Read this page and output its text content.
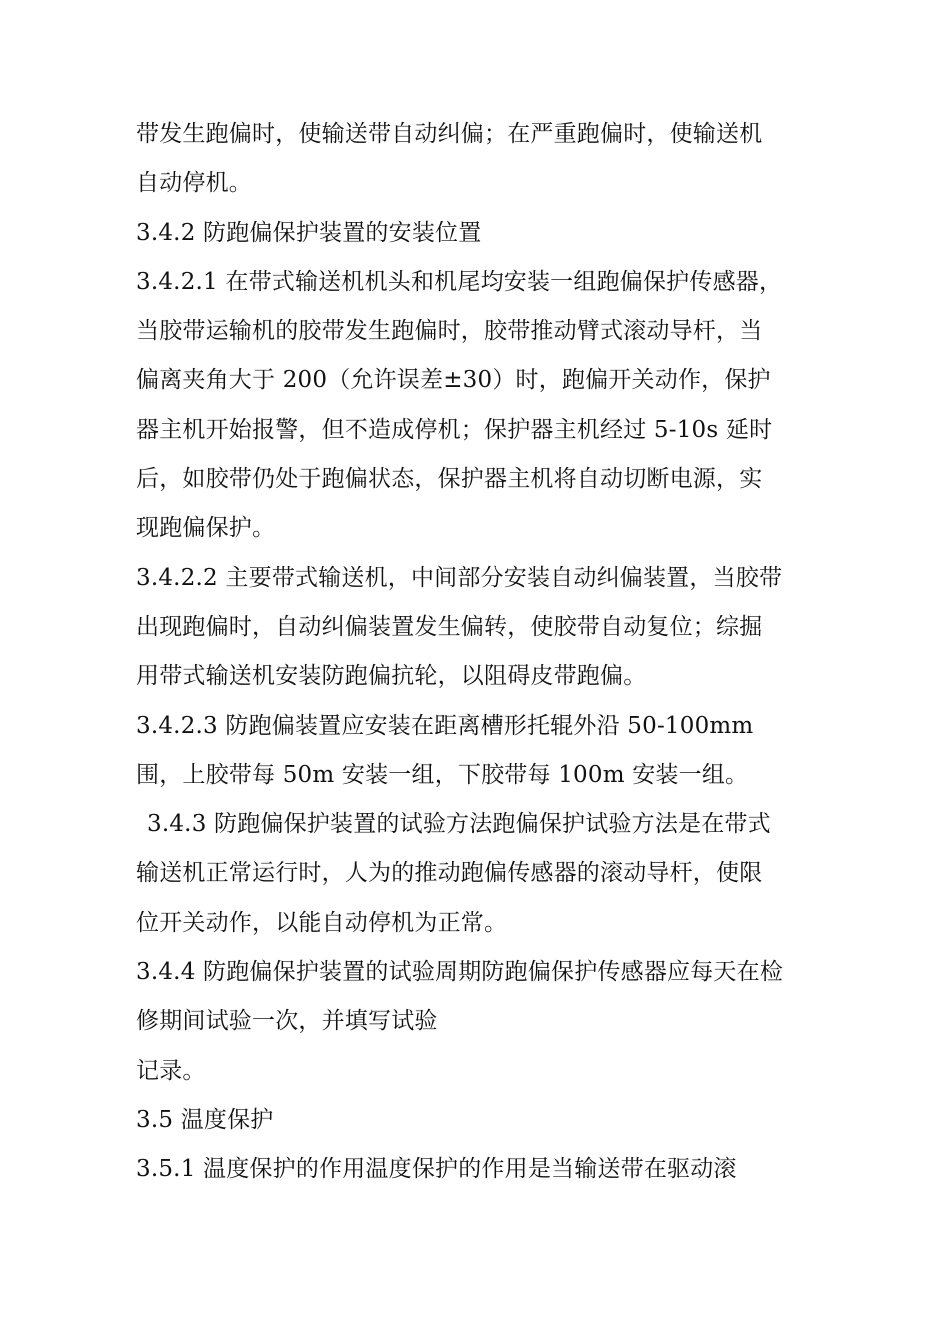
带发生跑偏时，使输送带自动纠偏；在严重跑偏时，使输送机
自动停机。
3.4.2 防跑偏保护装置的安装位置
3.4.2.1 在带式输送机机头和机尾均安装一组跑偏保护传感器，
当胶带运输机的胶带发生跑偏时，胶带推动臂式滚动导杆，当
偏离夹角大于 200（允许误差±30）时，跑偏开关动作，保护
器主机开始报警，但不造成停机；保护器主机经过 5-10s 延时
后，如胶带仍处于跑偏状态，保护器主机将自动切断电源，实
现跑偏保护。
3.4.2.2 主要带式输送机，中间部分安装自动纠偏装置，当胶带
出现跑偏时，自动纠偏装置发生偏转，使胶带自动复位；综掘
用带式输送机安装防跑偏抗轮，以阻碍皮带跑偏。
3.4.2.3 防跑偏装置应安装在距离槽形托辊外沿 50-100mm
围，上胶带每 50m 安装一组，下胶带每 100m 安装一组。
3.4.3 防跑偏保护装置的试验方法跑偏保护试验方法是在带式
输送机正常运行时，人为的推动跑偏传感器的滚动导杆，使限
位开关动作，以能自动停机为正常。
3.4.4 防跑偏保护装置的试验周期防跑偏保护传感器应每天在检
修期间试验一次，并填写试验
记录。
3.5 温度保护
3.5.1 温度保护的作用温度保护的作用是当输送带在驱动滚
